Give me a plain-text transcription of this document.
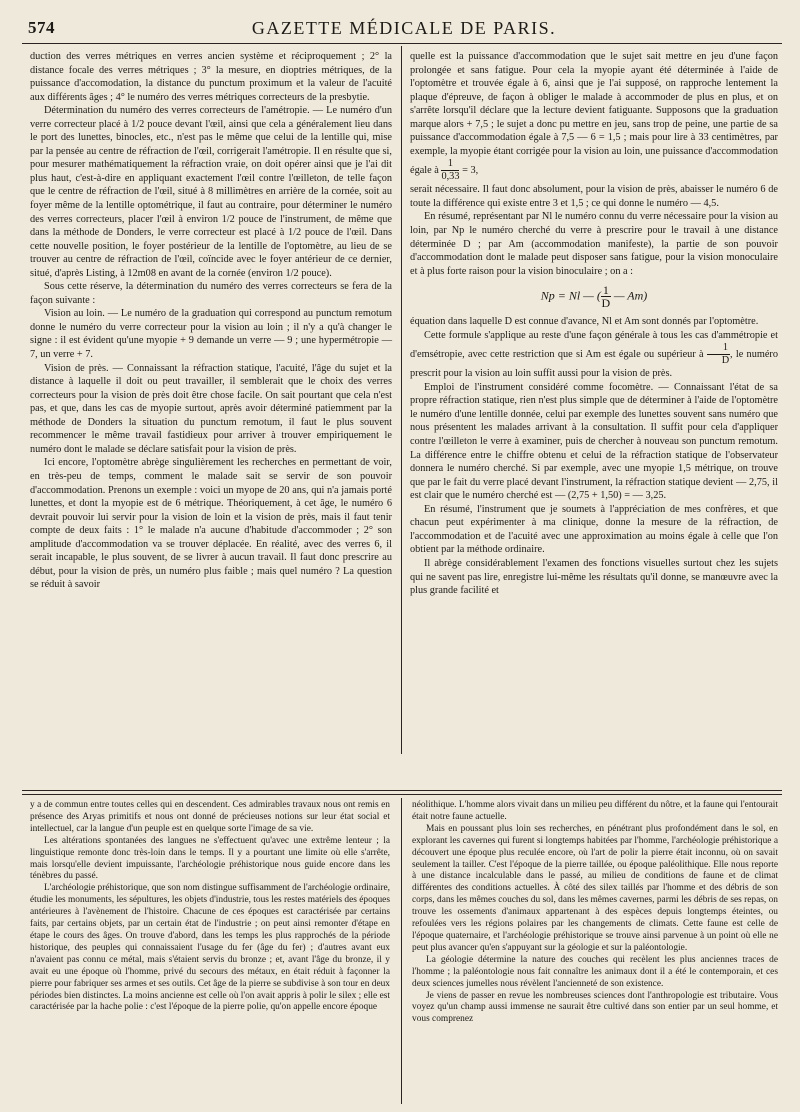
574	GAZETTE MÉDICALE DE PARIS.

duction des verres métriques en verres ancien système et réciproquement ; 2° la distance focale des verres métriques ; 3° la mesure, en dioptries métriques, de la puissance d'accomodation, la distance du punctum proximum et la valeur de l'acuité aux différents âges ; 4° le numéro des verres métriques correcteurs de la presbytie.

Détermination du numéro des verres correcteurs de l'amétropie. — Le numéro d'un verre correcteur placé à 1/2 pouce devant l'œil, ainsi que cela a généralement lieu dans le port des lunettes, binocles, etc., n'est pas le même que celui de la lentille qui, mise par la pensée au centre de réfraction de l'œil, corrigerait l'amétropie. Il en résulte que si, pour mesurer mathématiquement la réfraction vraie, on doit opérer ainsi que je l'ai dit plus haut, c'est-à-dire en appliquant exactement l'œil contre l'œilleton, de telle façon que le centre de réfraction de l'œil, situé à 8 millimètres en arrière de la cornée, soit au foyer même de la lentille optométrique, il faut au contraire, pour déterminer le numéro des verres correcteurs, placer l'œil à environ 1/2 pouce de l'instrument, de même que dans la méthode de Donders, le verre correcteur est placé à 1/2 pouce de l'œil. Dans cette nouvelle position, le foyer postérieur de la lentille de l'optomètre, au lieu de se trouver au centre de réfraction de l'œil, coïncide avec le foyer antérieur de ce dernier, situé, d'après Listing, à 12m08 en avant de la cornée (environ 1/2 pouce).

Sous cette réserve, la détermination du numéro des verres correcteurs se fera de la façon suivante :

Vision au loin. — Le numéro de la graduation qui correspond au punctum remotum donne le numéro du verre correcteur pour la vision au loin ; il n'y a qu'à changer le signe : il est évident qu'une myopie + 9 demande un verre — 9 ; une hypermétropie — 7, un verre + 7.

Vision de près. — Connaissant la réfraction statique, l'acuité, l'âge du sujet et la distance à laquelle il doit ou peut travailler, il semblerait que le choix des verres correcteurs pour la vision de près doit être chose facile. On sait pourtant que cela n'est pas, et que, dans les cas de myopie surtout, après avoir déterminé patiemment par la méthode de Donders la situation du punctum remotum, il faut le plus souvent recommencer le même travail fastidieux pour arriver à trouver empiriquement le numéro dont le malade se déclare satisfait pour la vision de près.

Ici encore, l'optomètre abrège singulièrement les recherches en permettant de voir, en très-peu de temps, comment le malade sait se servir de son pouvoir d'accommodation. Prenons un exemple : voici un myope de 20 ans, qui n'a jamais porté lunettes, et dont la myopie est de 6 métrique. Théoriquement, à cet âge, le numéro 6 devrait pouvoir lui servir pour la vision de loin et la vision de près, mais il faut tenir compte de deux faits : 1° le malade n'a aucune d'habitude d'accommoder ; 2° son amplitude d'accommodation va se trouver déplacée. En réalité, avec des verres 6, il serait incapable, le plus souvent, de se livrer à aucun travail. Il faut donc prescrire au début, pour la vision de près, un numéro plus faible ; mais quel numéro ? La question se réduit à savoir

quelle est la puissance d'accommodation que le sujet sait mettre en jeu d'une façon prolongée et sans fatigue. Pour cela la myopie ayant été déterminée à l'aide de l'optomètre et trouvée égale à 6, ainsi que je l'ai supposé, on rapproche lentement la plaque d'épreuve, de façon à obliger le malade à accommoder de plus en plus, et on s'arrête lorsqu'il déclare que la lecture devient fatiguante. Supposons que la graduation marque alors + 7,5 ; le sujet a donc pu mettre en jeu, sans trop de peine, une partie de sa puissance d'accommodation égale à 7,5 — 6 = 1,5 ; mais pour lire à 33 centimètres, par exemple, la myopie étant corrigée pour la vision au loin, une puissance d'accommodation égale à $\frac{1}{0,33} = 3$,

serait nécessaire. Il faut donc absolument, pour la vision de près, abaisser le numéro 6 de toute la différence qui existe entre 3 et 1,5 ; ce qui donne le numéro — 4,5.

En résumé, représentant par Nl le numéro connu du verre nécessaire pour la vision au loin, par Np le numéro cherché du verre à prescrire pour le travail à une distance déterminée D ; par Am (accommodation manifeste), la partie de son pouvoir d'accommodation dont le malade peut disposer sans fatigue, pour la vision monoculaire et à plus forte raison pour la vision binoculaire ; on a :

Np = Nl — ( $\frac{1}{D}$ — Am)

équation dans laquelle D est connue d'avance, Nl et Am sont donnés par l'optomètre.

Cette formule s'applique au reste d'une façon générale à tous les cas d'ammétropie et d'emsétropie, avec cette restriction que si Am est égale ou supérieur à $\frac{1}{D}$ , le numéro prescrit pour la vision au loin suffit aussi pour la vision de près.

Emploi de l'instrument considéré comme focomètre. — Connaissant l'état de sa propre réfraction statique, rien n'est plus simple que de déterminer à l'aide de l'optomètre le numéro d'une lentille donnée, celui par exemple des lunettes souvent sans numéro que nous présentent les malades arrivant à la consultation. Il suffit pour cela d'appliquer contre l'œilleton le verre à examiner, puis de chercher à nouveau son punctum remotum. La différence entre le chiffre obtenu et celui de la réfraction statique de l'observateur donnera le numéro cherché. Si par exemple, avec une myopie 1,5 métrique, on trouve que par le fait du verre placé devant l'instrument, la réfraction statique devient — 2,75, il est clair que le numéro cherché est — (2,75 + 1,50) = — 3,25.

En résumé, l'instrument que je soumets à l'appréciation de mes confrères, et que chacun peut expérimenter à ma clinique, donne la mesure de la réfraction, de l'accommodation et de l'acuité avec une approximation au moins égale à celle que l'on obtient par la méthode ordinaire.

Il abrège considérablement l'examen des fonctions visuelles surtout chez les sujets qui ne savent pas lire, enregistre lui-même les résultats qu'il donne, se manœuvre avec la plus grande facilité et

y a de commun entre toutes celles qui en descendent. Ces admirables travaux nous ont remis en présence des Aryas primitifs et nous ont donné de précieuses notions sur leur état social et intellectuel, car la langue d'un peuple est en quelque sorte l'image de sa vie.

Les altérations spontanées des langues ne s'effectuent qu'avec une extrême lenteur ; la linguistique remonte donc très-loin dans le temps. Il y a pourtant une limite où elle s'arrête, mais lorsqu'elle devient impuissante, l'archéologie préhistorique nous guide encore dans les ténèbres du passé.

L'archéologie préhistorique, que son nom distingue suffisamment de l'archéologie ordinaire, étudie les monuments, les sépultures, les objets d'industrie, tous les restes matériels des époques antérieures à l'avènement de l'histoire. Chacune de ces époques est caractérisée par certains faits, par certains objets, par un certain état de l'industrie ; on peut ainsi remonter d'étape en étape le cours des âges. On trouve d'abord, dans les temps les plus rapprochés de la période historique, des peuples qui connaissaient l'usage du fer (âge du fer) ; d'autres avant eux n'avaient pas connu ce métal, mais s'étaient servis du bronze ; et, avant l'âge du bronze, il y avait eu une époque où l'homme, privé du secours des métaux, en était réduit à façonner la pierre pour fabriquer ses armes et ses outils. Cet âge de la pierre se subdivise à son tour en deux périodes bien distinctes. La moins ancienne est celle où l'on avait appris à polir le silex ; elle est caractérisée par la hache polie : c'est l'époque de la pierre polie, qu'on appelle encore époque

néolithique. L'homme alors vivait dans un milieu peu différent du nôtre, et la faune qui l'entourait était notre faune actuelle.

Mais en poussant plus loin ses recherches, en pénétrant plus profondément dans le sol, en explorant les cavernes qui furent si longtemps habitées par l'homme, l'archéologie préhistorique a découvert une époque plus reculée encore, où l'art de polir la pierre était inconnu, où on savait seulement la tailler. C'est l'époque de la pierre taillée, ou époque paléolithique. Elle nous reporte à une distance incalculable dans le passé, au milieu de conditions de faune et de climat différentes des conditions actuelles. À côté des silex taillés par l'homme et des débris de son corps, dans les mêmes couches du sol, dans les mêmes cavernes, parmi les débris de ses repas, on trouve les ossements d'animaux appartenant à des espèces depuis longtemps éteintes, ou refoulées vers les régions polaires par les changements de climats. Cette faune est celle de l'époque quaternaire, et l'archéologie préhistorique se trouve ainsi parvenue à un point où elle ne peut plus avancer qu'en s'appuyant sur la géologie et sur la paléontologie.

La géologie détermine la nature des couches qui recèlent les plus anciennes traces de l'homme ; la paléontologie nous fait connaître les animaux dont il a été le contemporain, et ces deux sciences jumelles nous révèlent l'ancienneté de son existence.

Je viens de passer en revue les nombreuses sciences dont l'anthropologie est tributaire. Vous voyez qu'un champ aussi immense ne saurait être cultivé dans son entier par un seul homme, et vous comprenez
